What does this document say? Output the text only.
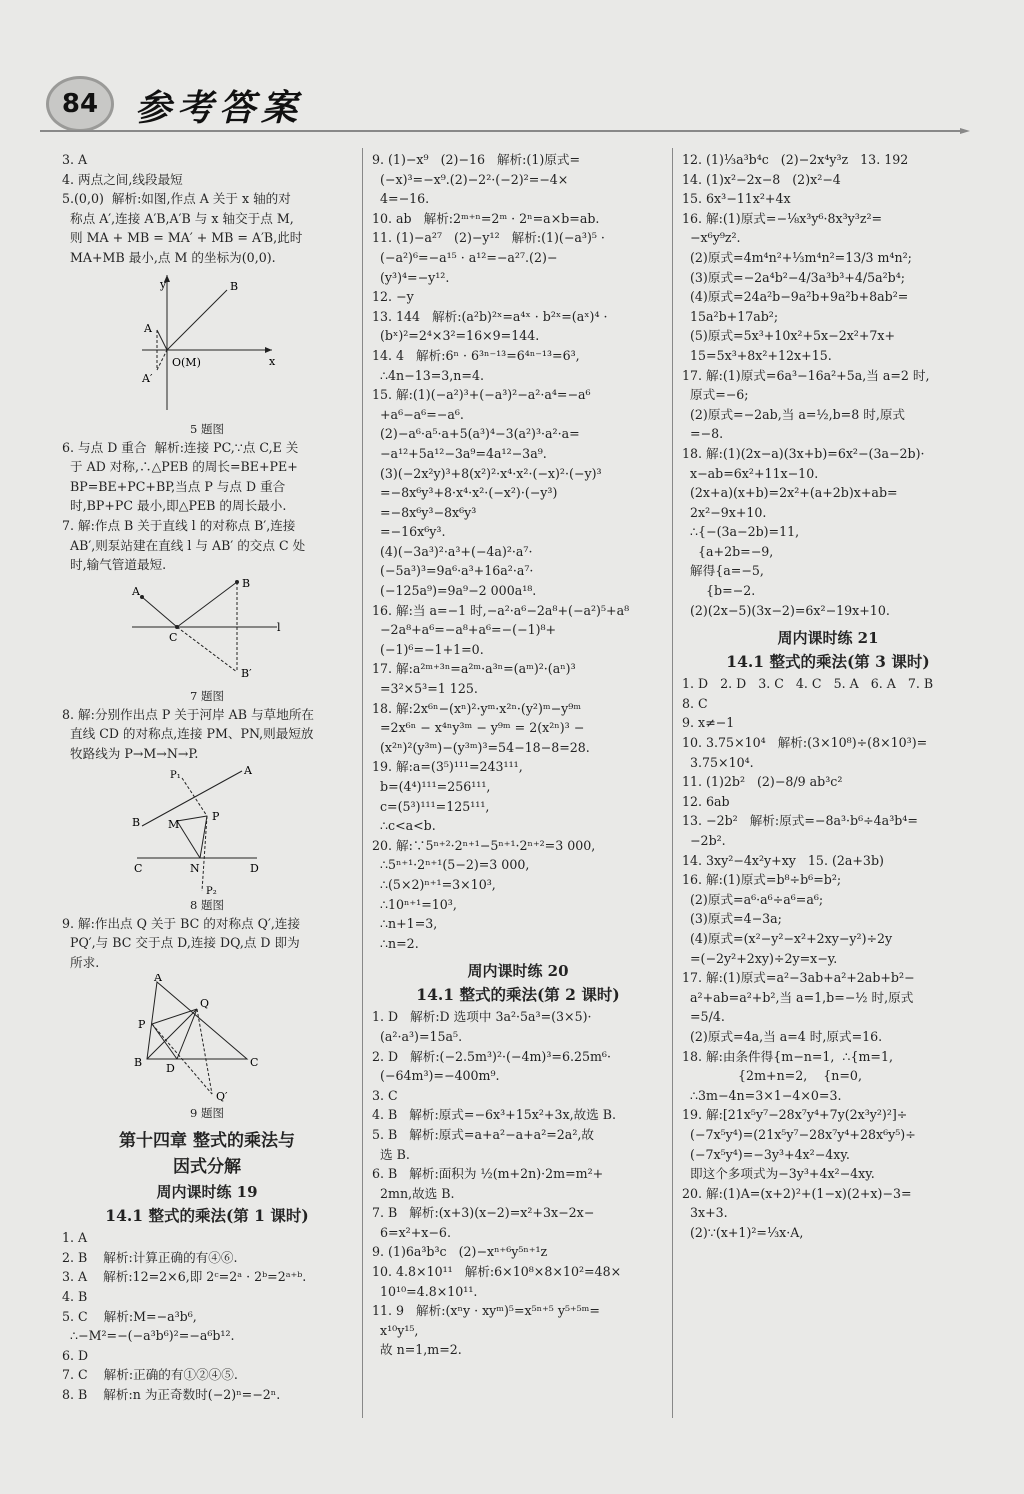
84	参考答案
3. A
4. 两点之间,线段最短
5.(0,0)  解析:如图,作点 A 关于 x 轴的对
称点 A′,连接 A′B,A′B 与 x 轴交于点 M,
则 MA + MB = MA′ + MB = A′B,此时
MA+MB 最小,点 M 的坐标为(0,0).
y
x
A
B
A′
O(M)
5 题图
6. 与点 D 重合  解析:连接 PC,∵点 C,E 关
于 AD 对称,∴△PEB 的周长=BE+PE+
BP=BE+PC+BP,当点 P 与点 D 重合
时,BP+PC 最小,即△PEB 的周长最小.
7. 解:作点 B 关于直线 l 的对称点 B′,连接
AB′,则泵站建在直线 l 与 AB′ 的交点 C 处
时,输气管道最短.
A
B
C
l
B′
7 题图
8. 解:分别作出点 P 关于河岸 AB 与草地所在
直线 CD 的对称点,连接 PM、PN,则最短放
牧路线为 P→M→N→P.
P₁	A
B	M
P
C	N	D
P₂
8 题图
9. 解:作出点 Q 关于 BC 的对称点 Q′,连接
PQ′,与 BC 交于点 D,连接 DQ,点 D 即为
所求.
A
Q
P
B D	C
Q′
9 题图
第十四章 整式的乘法与
因式分解
周内课时练 19
14.1 整式的乘法(第 1 课时)
1. A
2. B    解析:计算正确的有④⑥.
3. A    解析:12=2×6,即 2ᶜ=2ᵃ · 2ᵇ=2ᵃ⁺ᵇ.
4. B
5. C    解析:M=−a³b⁶,
∴−M²=−(−a³b⁶)²=−a⁶b¹².
6. D
7. C    解析:正确的有①②④⑤.
8. B    解析:n 为正奇数时(−2)ⁿ=−2ⁿ.
9. (1)−x⁹   (2)−16   解析:(1)原式=
(−x)³=−x⁹.(2)−2²·(−2)²=−4×
4=−16.
10. ab   解析:2ᵐ⁺ⁿ=2ᵐ · 2ⁿ=a×b=ab.
11. (1)−a²⁷   (2)−y¹²   解析:(1)(−a³)⁵ ·
(−a²)⁶=−a¹⁵ · a¹²=−a²⁷.(2)−
(y³)⁴=−y¹².
12. −y
13. 144   解析:(a²b)²ˣ=a⁴ˣ · b²ˣ=(aˣ)⁴ ·
(bˣ)²=2⁴×3²=16×9=144.
14. 4   解析:6ⁿ · 6³ⁿ⁻¹³=6⁴ⁿ⁻¹³=6³,
∴4n−13=3,n=4.
15. 解:(1)(−a²)³+(−a³)²−a²·a⁴=−a⁶
+a⁶−a⁶=−a⁶.
(2)−a⁶·a⁵·a+5(a³)⁴−3(a²)³·a²·a=
−a¹²+5a¹²−3a⁹=4a¹²−3a⁹.
(3)(−2x²y)³+8(x²)²·x⁴·x²·(−x)²·(−y)³
=−8x⁶y³+8·x⁴·x²·(−x²)·(−y³)
=−8x⁶y³−8x⁶y³
=−16x⁶y³.
(4)(−3a³)²·a³+(−4a)²·a⁷·
(−5a³)³=9a⁶·a³+16a²·a⁷·
(−125a⁹)=9a⁹−2 000a¹⁸.
16. 解:当 a=−1 时,−a²·a⁶−2a⁸+(−a²)⁵+a⁸
−2a⁸+a⁶=−a⁸+a⁶=−(−1)⁸+
(−1)⁶=−1+1=0.
17. 解:a²ᵐ⁺³ⁿ=a²ᵐ·a³ⁿ=(aᵐ)²·(aⁿ)³
=3²×5³=1 125.
18. 解:2x⁶ⁿ−(xⁿ)²·yᵐ·x²ⁿ·(y²)ᵐ−y⁹ᵐ
=2x⁶ⁿ − x⁴ⁿy³ᵐ − y⁹ᵐ = 2(x²ⁿ)³ −
(x²ⁿ)²(y³ᵐ)−(y³ᵐ)³=54−18−8=28.
19. 解:a=(3⁵)¹¹¹=243¹¹¹,
b=(4⁴)¹¹¹=256¹¹¹,
c=(5³)¹¹¹=125¹¹¹,
∴c<a<b.
20. 解:∵5ⁿ⁺²·2ⁿ⁺¹−5ⁿ⁺¹·2ⁿ⁺²=3 000,
∴5ⁿ⁺¹·2ⁿ⁺¹(5−2)=3 000,
∴(5×2)ⁿ⁺¹=3×10³,
∴10ⁿ⁺¹=10³,
∴n+1=3,
∴n=2.
周内课时练 20
14.1 整式的乘法(第 2 课时)
1. D   解析:D 选项中 3a²·5a³=(3×5)·
(a²·a³)=15a⁵.
2. D   解析:(−2.5m³)²·(−4m)³=6.25m⁶·
(−64m³)=−400m⁹.
3. C
4. B   解析:原式=−6x³+15x²+3x,故选 B.
5. B   解析:原式=a+a²−a+a²=2a²,故
选 B.
6. B   解析:面积为 ½(m+2n)·2m=m²+
2mn,故选 B.
7. B   解析:(x+3)(x−2)=x²+3x−2x−
6=x²+x−6.
9. (1)6a³b³c   (2)−xⁿ⁺⁶y⁵ⁿ⁺¹z
10. 4.8×10¹¹   解析:6×10⁸×8×10²=48×
10¹⁰=4.8×10¹¹.
11. 9   解析:(xⁿy · xyᵐ)⁵=x⁵ⁿ⁺⁵ y⁵⁺⁵ᵐ=
x¹⁰y¹⁵,
故 n=1,m=2.
12. (1)⅓a³b⁴c   (2)−2x⁴y³z   13. 192
14. (1)x²−2x−8   (2)x²−4
15. 6x³−11x²+4x
16. 解:(1)原式=−⅛x³y⁶·8x³y³z²=
−x⁶y⁹z².
(2)原式=4m⁴n²+⅓m⁴n²=13/3 m⁴n²;
(3)原式=−2a⁴b²−4/3a³b³+4/5a²b⁴;
(4)原式=24a²b−9a²b+9a²b+8ab²=
15a²b+17ab²;
(5)原式=5x³+10x²+5x−2x²+7x+
15=5x³+8x²+12x+15.
17. 解:(1)原式=6a³−16a²+5a,当 a=2 时,
原式=−6;
(2)原式=−2ab,当 a=½,b=8 时,原式
=−8.
18. 解:(1)(2x−a)(3x+b)=6x²−(3a−2b)·
x−ab=6x²+11x−10.
(2x+a)(x+b)=2x²+(a+2b)x+ab=
2x²−9x+10.
∴{−(3a−2b)=11,
{a+2b=−9,
解得{a=−5,
{b=−2.
(2)(2x−5)(3x−2)=6x²−19x+10.
周内课时练 21
14.1 整式的乘法(第 3 课时)
1. D   2. D   3. C   4. C   5. A   6. A   7. B
8. C
9. x≠−1
10. 3.75×10⁴   解析:(3×10⁸)÷(8×10³)=
3.75×10⁴.
11. (1)2b²   (2)−8/9 ab³c²
12. 6ab
13. −2b²   解析:原式=−8a³·b⁶÷4a³b⁴=
−2b².
14. 3xy²−4x²y+xy   15. (2a+3b)
16. 解:(1)原式=b⁸÷b⁶=b²;
(2)原式=a⁶·a⁶÷a⁶=a⁶;
(3)原式=4−3a;
(4)原式=(x²−y²−x²+2xy−y²)÷2y
=(−2y²+2xy)÷2y=x−y.
17. 解:(1)原式=a²−3ab+a²+2ab+b²−
a²+ab=a²+b²,当 a=1,b=−½ 时,原式
=5/4.
(2)原式=4a,当 a=4 时,原式=16.
18. 解:由条件得{m−n=1,  ∴{m=1,
{2m+n=2,    {n=0,
∴3m−4n=3×1−4×0=3.
19. 解:[21x⁵y⁷−28x⁷y⁴+7y(2x³y²)²]÷
(−7x⁵y⁴)=(21x⁵y⁷−28x⁷y⁴+28x⁶y⁵)÷
(−7x⁵y⁴)=−3y³+4x²−4xy.
即这个多项式为−3y³+4x²−4xy.
20. 解:(1)A=(x+2)²+(1−x)(2+x)−3=
3x+3.
(2)∵(x+1)²=⅓x·A,
